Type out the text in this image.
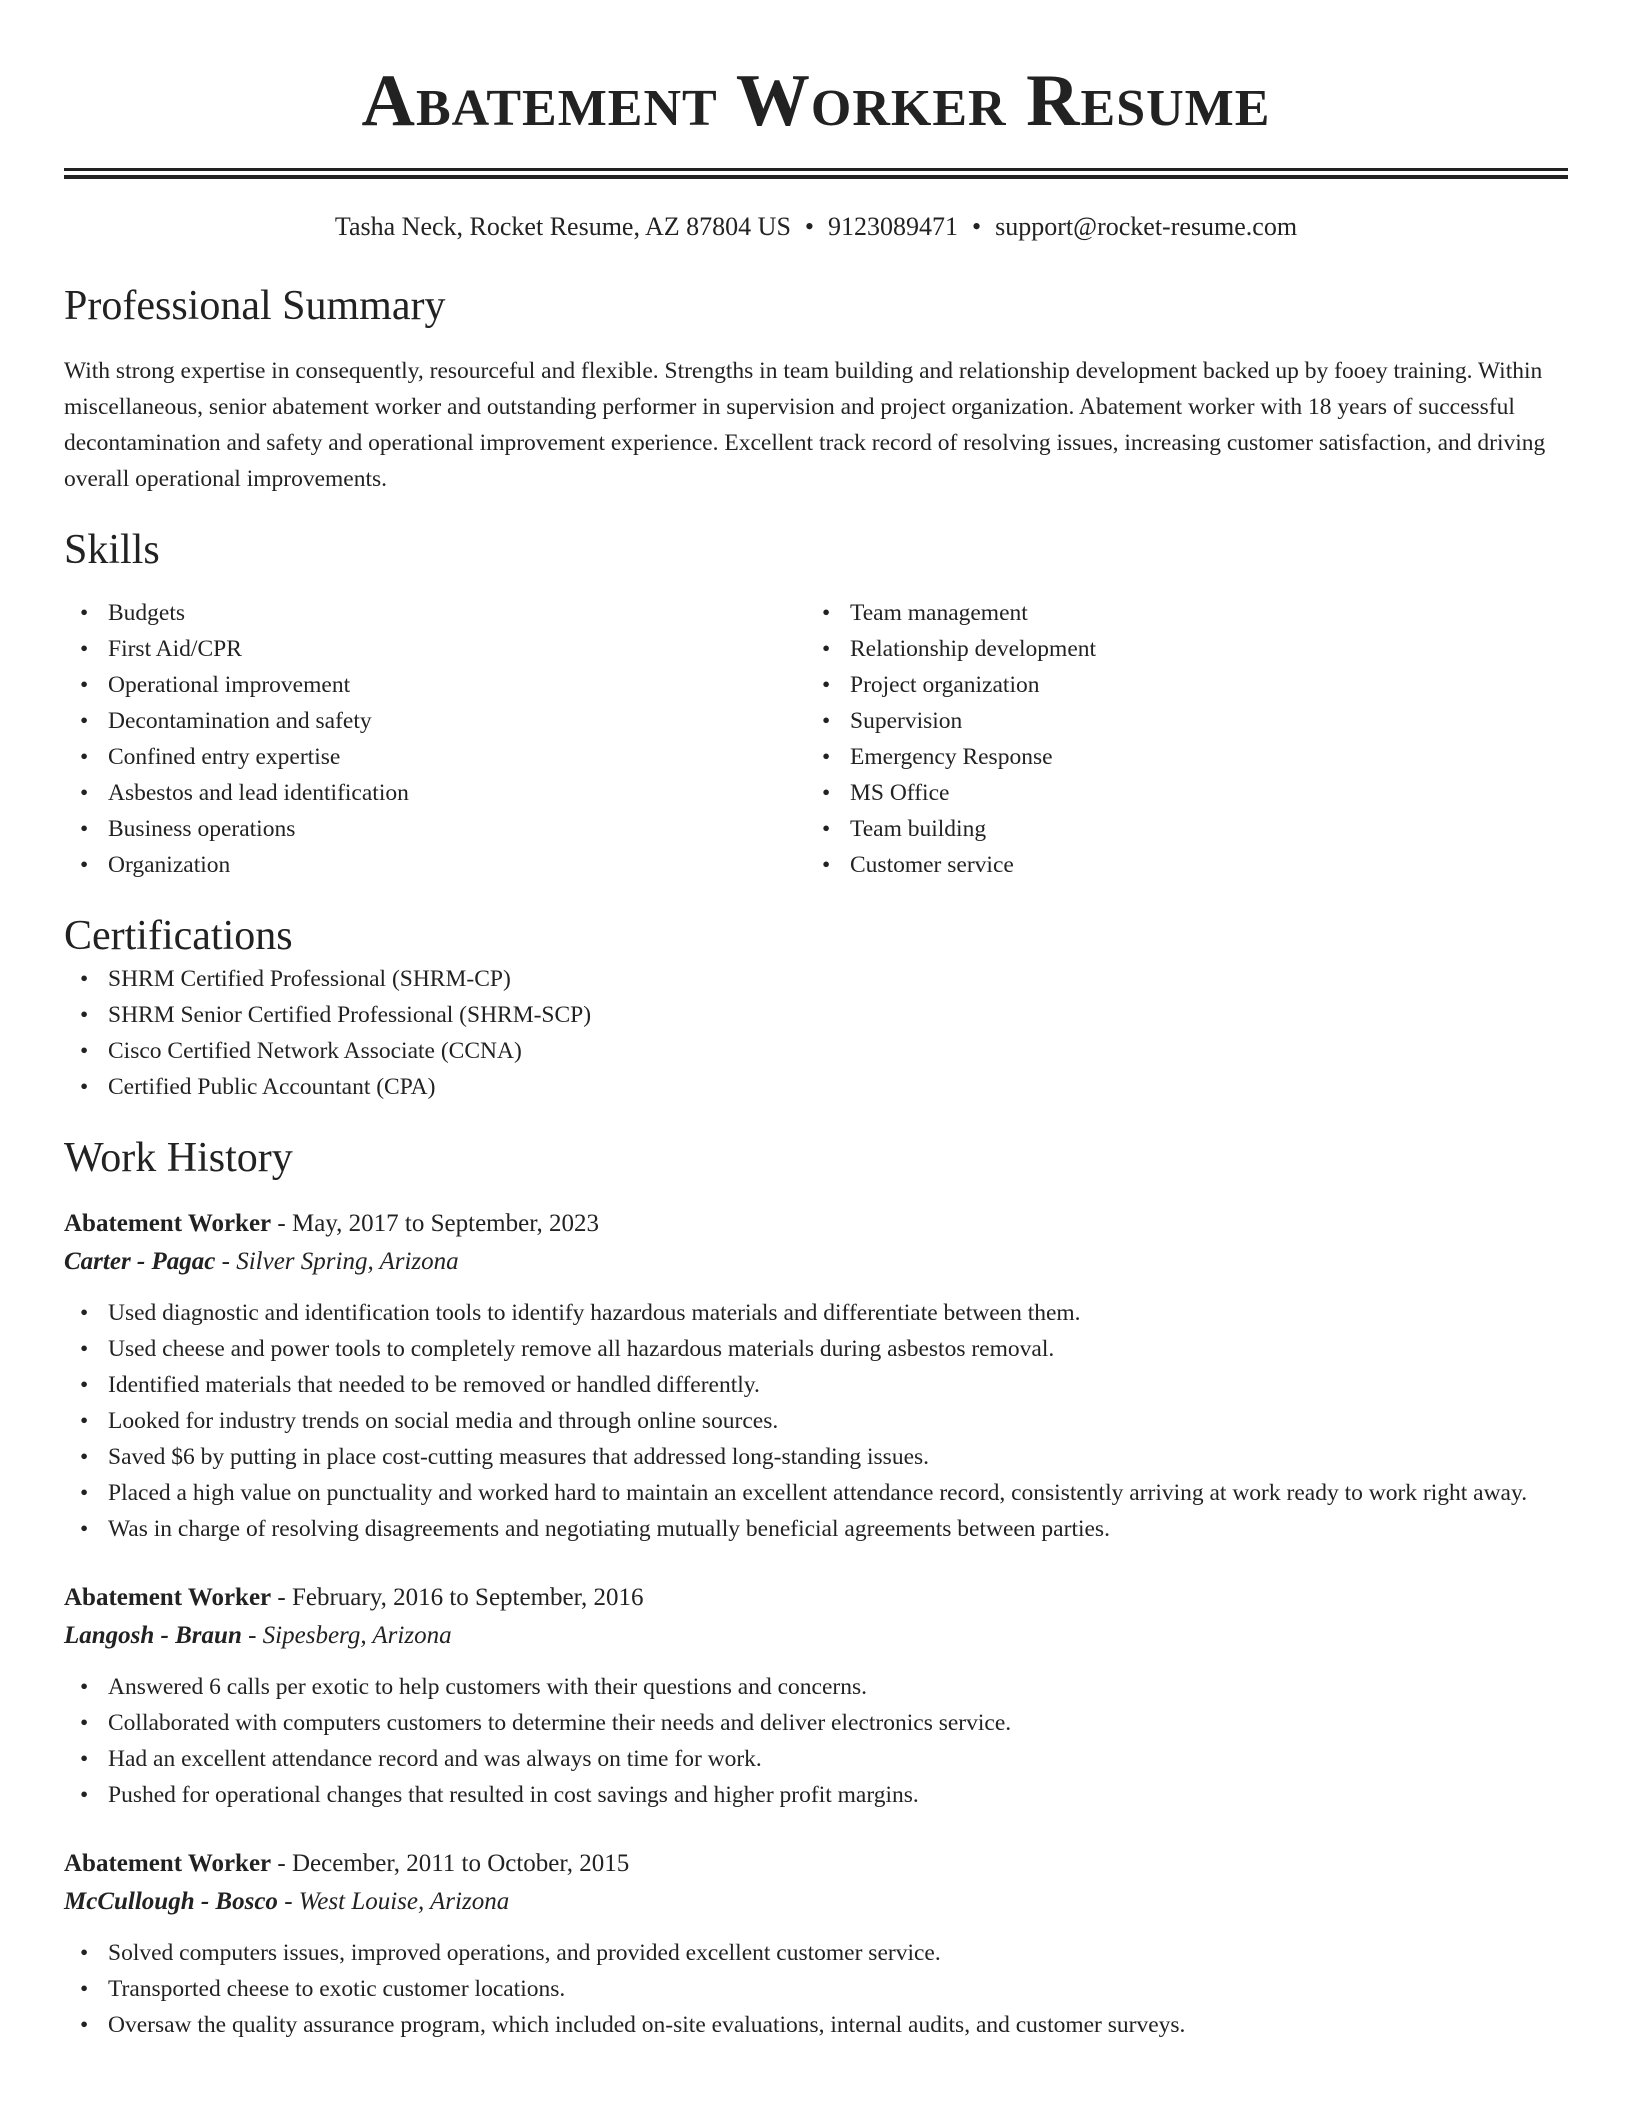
Abatement Worker Resume
Tasha Neck, Rocket Resume, AZ 87804 US • 9123089471 • support@rocket-resume.com
Professional Summary

With strong expertise in consequently, resourceful and flexible. Strengths in team building and relationship development backed up by fooey training. Within miscellaneous, senior abatement worker and outstanding performer in supervision and project organization. Abatement worker with 18 years of successful decontamination and safety and operational improvement experience. Excellent track record of resolving issues, increasing customer satisfaction, and driving overall operational improvements.

Skills
• Budgets
• First Aid/CPR
• Operational improvement
• Decontamination and safety
• Confined entry expertise
• Asbestos and lead identification
• Business operations
• Organization
• Team management
• Relationship development
• Project organization
• Supervision
• Emergency Response
• MS Office
• Team building
• Customer service
Certifications
• SHRM Certified Professional (SHRM-CP)
• SHRM Senior Certified Professional (SHRM-SCP)
• Cisco Certified Network Associate (CCNA)
• Certified Public Accountant (CPA)
Work History
Abatement Worker - May, 2017 to September, 2023
Carter - Pagac - Silver Spring, Arizona
• Used diagnostic and identification tools to identify hazardous materials and differentiate between them.
• Used cheese and power tools to completely remove all hazardous materials during asbestos removal.
• Identified materials that needed to be removed or handled differently.
• Looked for industry trends on social media and through online sources.
• Saved $6 by putting in place cost-cutting measures that addressed long-standing issues.
• Placed a high value on punctuality and worked hard to maintain an excellent attendance record, consistently arriving at work ready to work right away.
• Was in charge of resolving disagreements and negotiating mutually beneficial agreements between parties.
Abatement Worker - February, 2016 to September, 2016
Langosh - Braun - Sipesberg, Arizona
• Answered 6 calls per exotic to help customers with their questions and concerns.
• Collaborated with computers customers to determine their needs and deliver electronics service.
• Had an excellent attendance record and was always on time for work.
• Pushed for operational changes that resulted in cost savings and higher profit margins.
Abatement Worker - December, 2011 to October, 2015
McCullough - Bosco - West Louise, Arizona
• Solved computers issues, improved operations, and provided excellent customer service.
• Transported cheese to exotic customer locations.
• Oversaw the quality assurance program, which included on-site evaluations, internal audits, and customer surveys.
